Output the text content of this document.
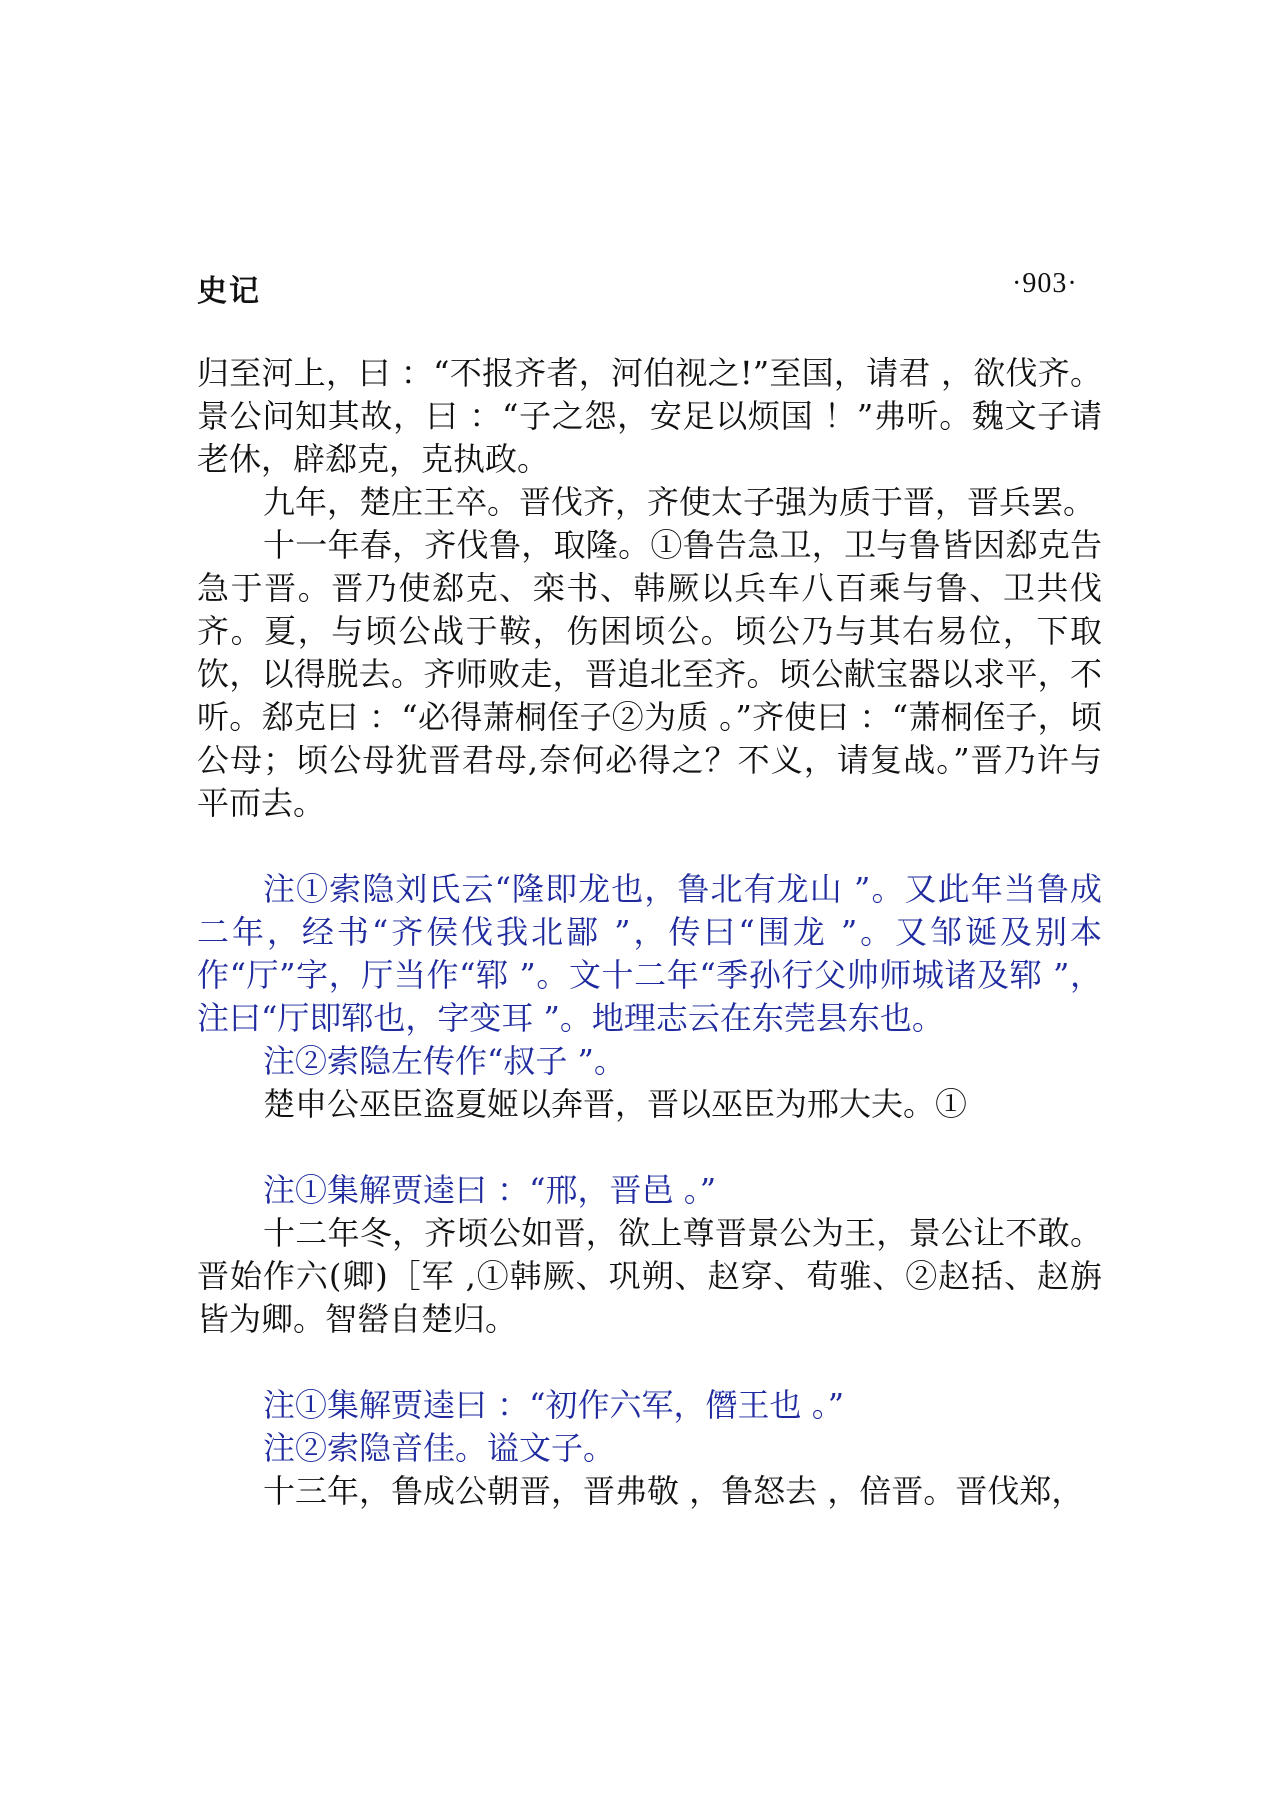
史记	·903·

归至河上，曰 ：“不报齐者，河伯视之!”至国，请君 ，欲伐齐。景公问知其故，曰 ：“子之怨，安足以烦国 ！”弗听。魏文子请老休，辟郄克，克执政。

九年，楚庄王卒。晋伐齐，齐使太子强为质于晋，晋兵罢。

十一年春，齐伐鲁，取隆。①鲁告急卫，卫与鲁皆因郄克告急于晋。晋乃使郄克、栾书、韩厥以兵车八百乘与鲁、卫共伐齐。夏，与顷公战于鞍，伤困顷公。顷公乃与其右易位，下取饮，以得脱去。齐师败走，晋追北至齐。顷公献宝器以求平，不听。郄克曰 ：“必得萧桐侄子②为质 。”齐使曰 ：“萧桐侄子，顷公母；顷公母犹晋君母,奈何必得之？不义，请复战。”晋乃许与平而去。

注①索隐刘氏云“隆即龙也，鲁北有龙山 ”。又此年当鲁成二年，经书“齐侯伐我北鄙 ”，传曰“围龙 ”。又邹诞及别本作“厅”字，厅当作“郓 ”。文十二年“季孙行父帅师城诸及郓 ”，注曰“厅即郓也，字变耳 ”。地理志云在东莞县东也。

注②索隐左传作“叔子 ”。

楚申公巫臣盗夏姬以奔晋，晋以巫臣为邢大夫。①

注①集解贾逵曰 ：“邢，晋邑 。”

十二年冬，齐顷公如晋，欲上尊晋景公为王，景公让不敢。晋始作六(卿)［军 ,①韩厥、巩朔、赵穿、荀骓、②赵括、赵旃皆为卿。智罃自楚归。

注①集解贾逵曰 ：“初作六军，僭王也 。”

注②索隐音佳。谥文子。

十三年，鲁成公朝晋，晋弗敬 ，鲁怒去 ，倍晋。晋伐郑，
